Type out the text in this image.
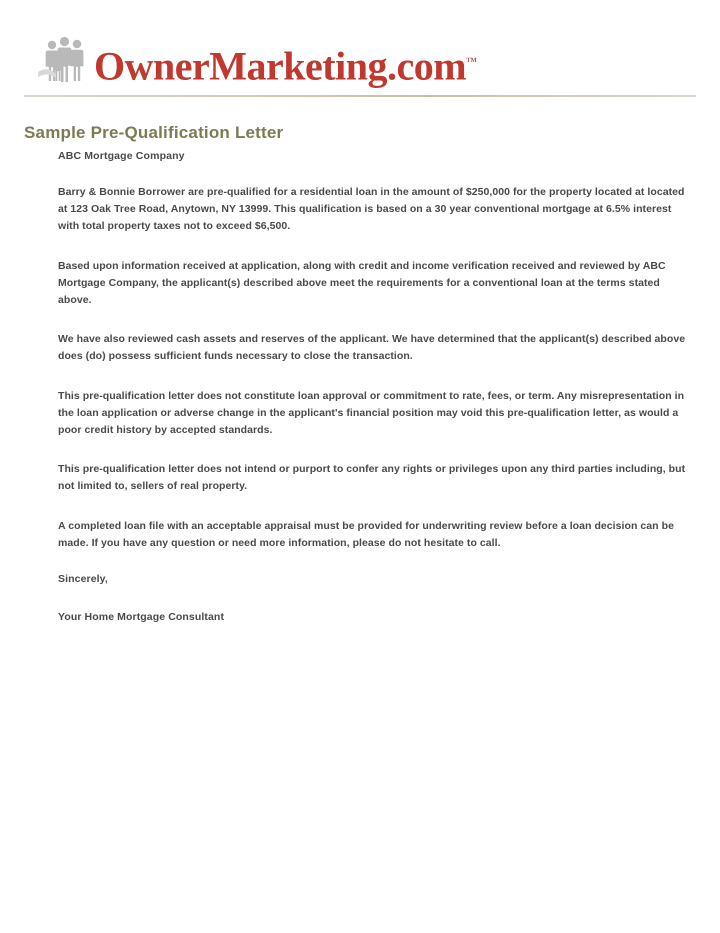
OwnerMarketing.com™
Sample Pre-Qualification Letter
ABC Mortgage Company

Barry & Bonnie Borrower are pre-qualified for a residential loan in the amount of $250,000 for the property located at located at 123 Oak Tree Road, Anytown, NY 13999. This qualification is based on a 30 year conventional mortgage at 6.5% interest with total property taxes not to exceed $6,500.

Based upon information received at application, along with credit and income verification received and reviewed by ABC Mortgage Company, the applicant(s) described above meet the requirements for a conventional loan at the terms stated above.

We have also reviewed cash assets and reserves of the applicant. We have determined that the applicant(s) described above does (do) possess sufficient funds necessary to close the transaction.

This pre-qualification letter does not constitute loan approval or commitment to rate, fees, or term. Any misrepresentation in the loan application or adverse change in the applicant's financial position may void this pre-qualification letter, as would a poor credit history by accepted standards.

This pre-qualification letter does not intend or purport to confer any rights or privileges upon any third parties including, but not limited to, sellers of real property.

A completed loan file with an acceptable appraisal must be provided for underwriting review before a loan decision can be made. If you have any question or need more information, please do not hesitate to call.

Sincerely,
Your Home Mortgage Consultant
